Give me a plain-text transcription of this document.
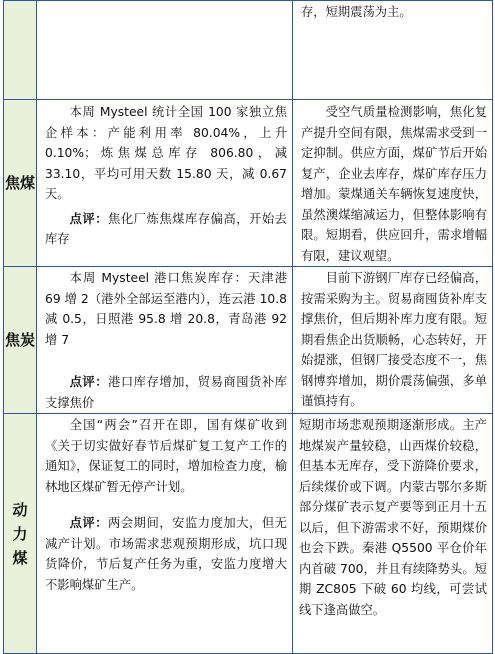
		存，短期震荡为主。

焦煤	本周 Mysteel 统计全国 100 家独立焦企样本：产能利用率 80.04%，上升 0.10%；炼焦煤总库存 806.80，减 33.10，平均可用天数 15.80 天，减 0.67 天。
点评：焦化厂炼焦煤库存偏高，开始去库存	受空气质量检测影响，焦化复产提升空间有限，焦煤需求受到一定抑制。供应方面，煤矿节后开始复产，企业去库存，煤矿库存压力增加。蒙煤通关车辆恢复速度快，虽然澳煤缩减运力，但整体影响有限。短期看，供应回升，需求增幅有限，建议观望。

焦炭	本周 Mysteel 港口焦炭库存：天津港 69 增 2（港外全部运至港内），连云港 10.8 减 0.5，日照港 95.8 增 20.8，青岛港 92 增 7
点评：港口库存增加，贸易商囤货补库支撑焦价	目前下游钢厂库存已经偏高，按需采购为主。贸易商囤货补库支撑焦价，但后期补库力度有限。短期看焦企出货顺畅，心态转好，开始提涨，但钢厂接受态度不一，焦钢博弈增加，期价震荡偏强，多单谨慎持有。

动力煤	全国“两会”召开在即，国有煤矿收到《关于切实做好春节后煤矿复工复产工作的通知》，保证复工的同时，增加检查力度，榆林地区煤矿暂无停产计划。
点评：两会期间，安监力度加大，但无减产计划。市场需求悲观预期形成，坑口现货降价，节后复产任务为重，安监力度增大不影响煤矿生产。	短期市场悲观预期逐渐形成。主产地煤炭产量较稳，山西煤价较稳，但基本无库存，受下游降价要求，后续煤价或下调。内蒙古鄂尔多斯部分煤矿表示复产要等到正月十五以后，但下游需求不好，预期煤价也会下跌。秦港 Q5500 平仓价年内首破 700，并且有续降势头。短期 ZC805 下破 60 均线，可尝试线下逢高做空。
